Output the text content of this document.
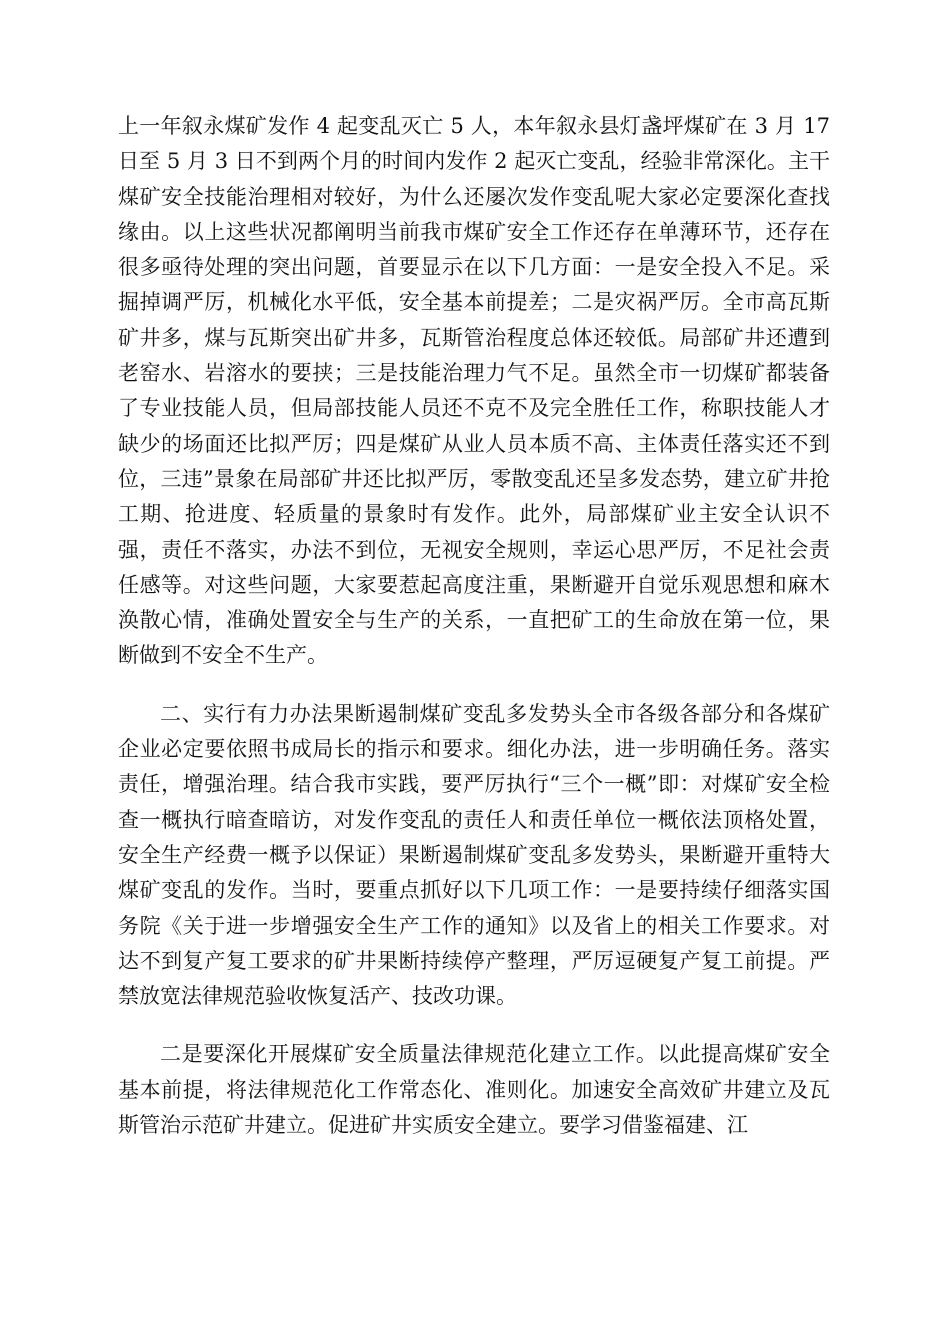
上一年叙永煤矿发作 4 起变乱灭亡 5 人，本年叙永县灯盏坪煤矿在 3 月 17 日至 5 月 3 日不到两个月的时间内发作 2 起灭亡变乱，经验非常深化。主干煤矿安全技能治理相对较好，为什么还屡次发作变乱呢大家必定要深化查找缘由。以上这些状况都阐明当前我市煤矿安全工作还存在单薄环节，还存在很多亟待处理的突出问题，首要显示在以下几方面：一是安全投入不足。采掘掉调严厉，机械化水平低，安全基本前提差；二是灾祸严厉。全市高瓦斯矿井多，煤与瓦斯突出矿井多，瓦斯管治程度总体还较低。局部矿井还遭到老窑水、岩溶水的要挟；三是技能治理力气不足。虽然全市一切煤矿都装备了专业技能人员，但局部技能人员还不克不及完全胜任工作，称职技能人才缺少的场面还比拟严厉；四是煤矿从业人员本质不高、主体责任落实还不到位，三违”景象在局部矿井还比拟严厉，零散变乱还呈多发态势，建立矿井抢工期、抢进度、轻质量的景象时有发作。此外，局部煤矿业主安全认识不强，责任不落实，办法不到位，无视安全规则，幸运心思严厉，不足社会责任感等。对这些问题，大家要惹起高度注重，果断避开自觉乐观思想和麻木涣散心情，准确处置安全与生产的关系，一直把矿工的生命放在第一位，果断做到不安全不生产。

二、实行有力办法果断遏制煤矿变乱多发势头全市各级各部分和各煤矿企业必定要依照书成局长的指示和要求。细化办法，进一步明确任务。落实责任，增强治理。结合我市实践，要严厉执行“三个一概”即：对煤矿安全检查一概执行暗查暗访，对发作变乱的责任人和责任单位一概依法顶格处置，安全生产经费一概予以保证）果断遏制煤矿变乱多发势头，果断避开重特大煤矿变乱的发作。当时，要重点抓好以下几项工作：一是要持续仔细落实国务院《关于进一步增强安全生产工作的通知》以及省上的相关工作要求。对达不到复产复工要求的矿井果断持续停产整理，严厉逗硬复产复工前提。严禁放宽法律规范验收恢复活产、技改功课。

二是要深化开展煤矿安全质量法律规范化建立工作。以此提高煤矿安全基本前提，将法律规范化工作常态化、准则化。加速安全高效矿井建立及瓦斯管治示范矿井建立。促进矿井实质安全建立。要学习借鉴福建、江
